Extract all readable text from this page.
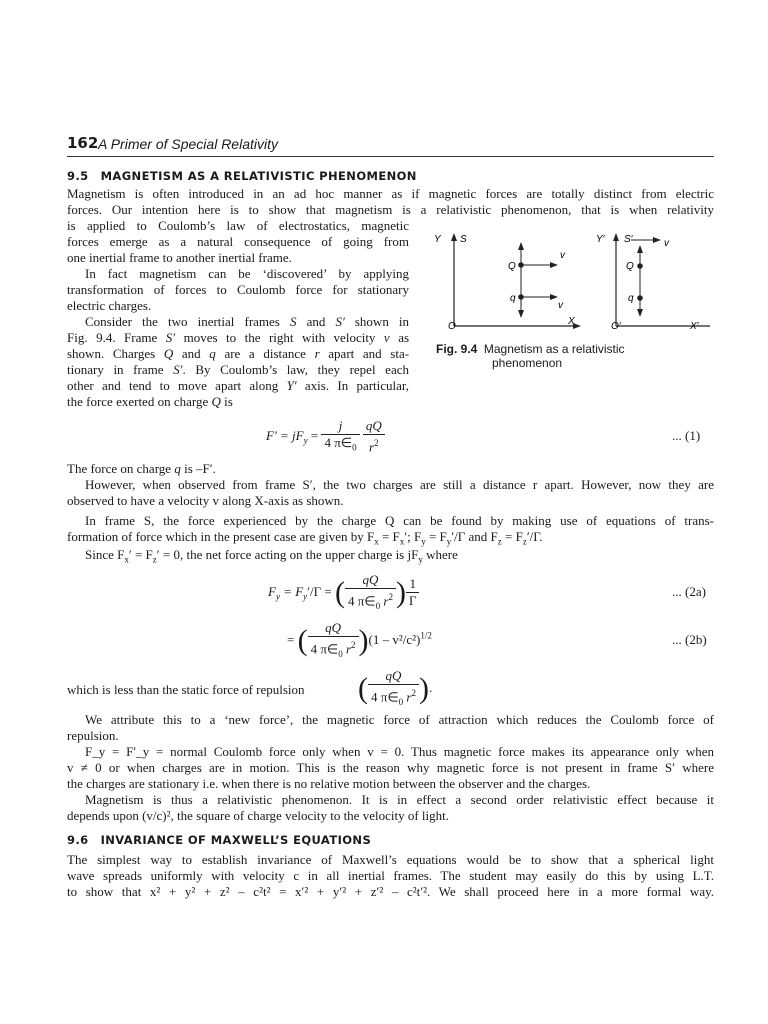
162 A Primer of Special Relativity
9.5 MAGNETISM AS A RELATIVISTIC PHENOMENON
Magnetism is often introduced in an ad hoc manner as if magnetic forces are totally distinct from electric
forces. Our intention here is to show that magnetism is a relativistic phenomenon, that is when relativity
is applied to Coulomb’s law of electrostatics, magnetic
forces emerge as a natural consequence of going from
one inertial frame to another inertial frame.
In fact magnetism can be ‘discovered’ by applying
transformation of forces to Coulomb force for stationary
electric charges.
Consider the two inertial frames S and S′ shown in
Fig. 9.4. Frame S′ moves to the right with velocity v as
shown. Charges Q and q are a distance r apart and sta-
tionary in frame S′. By Coulomb’s law, they repel each
other and tend to move apart along Y′ axis. In particular,
the force exerted on charge Q is
Y S
O	X
Q
q
v
v
Y′ S′	v
Q
q
O′	X′
Fig. 9.4 Magnetism as a relativistic
phenomenon
$F' = jF_y = \frac{j}{4 \pi\in_0}$
$\frac{qQ}{r^2}$	... (1)
The force on charge q is –F′.
However, when observed from frame S′, the two charges are still a distance r apart. However, now they are
observed to have a velocity v along X-axis as shown.
In frame S, the force experienced by the charge Q can be found by making use of equations of trans-
formation of force which in the present case are given by $F_x = F_x'$; $F_y = F_y'/\Gamma$ and $F_z = F_z'/\Gamma$.
Since $F_x' = F_z' = 0$, the net force acting on the upper charge is $jF_y$ where
$F_y = F_y'/\Gamma$ = ( $\frac{qQ}{4 \pi\in_0 r^2}$ ) $\frac{1}{\Gamma}$	... (2a)
= ( $\frac{qQ}{4 \pi\in_0 r^2} )(1 - v^2/c^2)^{1/2}$	... (2b)
which is less than the static force of repulsion ( $\frac{qQ}{4 \pi\in_0 r^2}$ ).
We attribute this to a ‘new force’, the magnetic force of attraction which reduces the Coulomb force of
repulsion.
F_y = F′_y = normal Coulomb force only when v = 0. Thus magnetic force makes its appearance only when
v ≠ 0 or when charges are in motion. This is the reason why magnetic force is not present in frame S′ where
the charges are stationary i.e. when there is no relative motion between the observer and the charges.
Magnetism is thus a relativistic phenomenon. It is in effect a second order relativistic effect because it
depends upon (v/c)², the square of charge velocity to the velocity of light.
9.6 INVARIANCE OF MAXWELL’S EQUATIONS
The simplest way to establish invariance of Maxwell’s equations would be to show that a spherical light
wave spreads uniformly with velocity c in all inertial frames. The student may easily do this by using L.T.
to show that x² + y² + z² – c²t² = x′² + y′² + z′² – c²t′². We shall proceed here in a more formal way.
